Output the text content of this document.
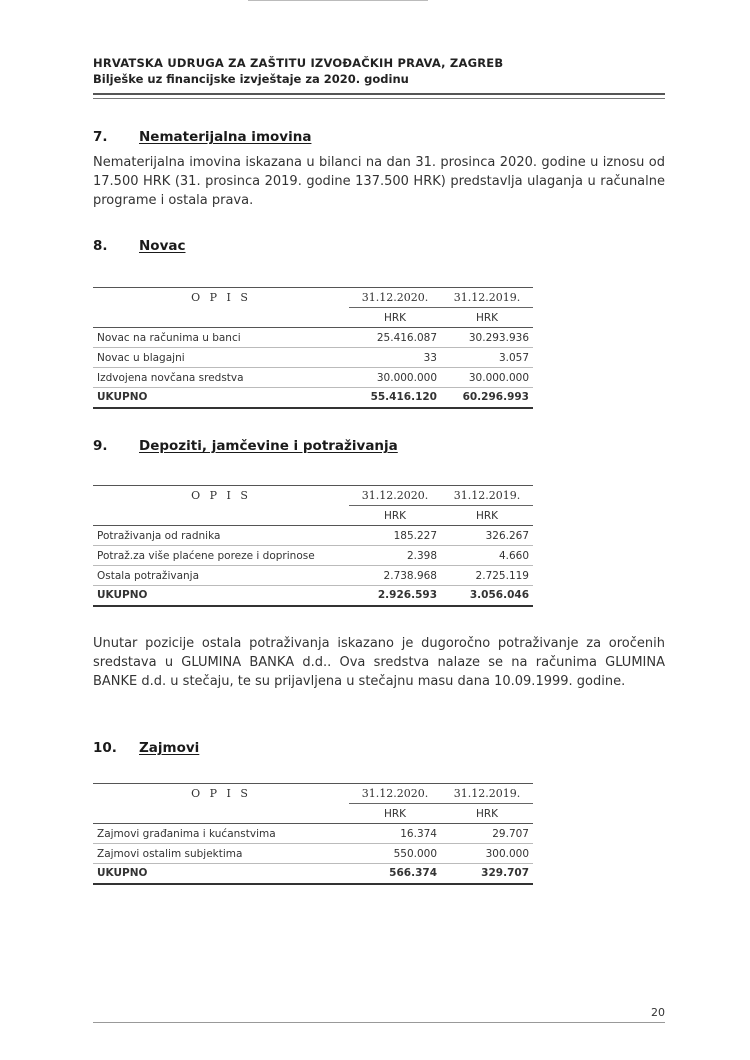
HRVATSKA UDRUGA ZA ZAŠTITU IZVOĐAČKIH PRAVA, ZAGREB
Bilješke uz financijske izvještaje za 2020. godinu
7. Nematerijalna imovina
Nematerijalna imovina iskazana u bilanci na dan 31. prosinca 2020. godine u iznosu od 17.500 HRK (31. prosinca 2019. godine 137.500 HRK) predstavlja ulaganja u računalne programe i ostala prava.
8. Novac
O P I S	31.12.2020.	31.12.2019.
	HRK	HRK
Novac na računima u banci	25.416.087	30.293.936
Novac u blagajni	33	3.057
Izdvojena novčana sredstva	30.000.000	30.000.000
UKUPNO	55.416.120	60.296.993
9. Depoziti, jamčevine i potraživanja
O P I S	31.12.2020.	31.12.2019.
	HRK	HRK
Potraživanja od radnika	185.227	326.267
Potraž.za više plaćene poreze i doprinose	2.398	4.660
Ostala potraživanja	2.738.968	2.725.119
UKUPNO	2.926.593	3.056.046
Unutar pozicije ostala potraživanja iskazano je dugoročno potraživanje za oročenih sredstava u GLUMINA BANKA d.d.. Ova sredstva nalaze se na računima GLUMINA BANKE d.d. u stečaju, te su prijavljena u stečajnu masu dana 10.09.1999. godine.
10. Zajmovi
O P I S	31.12.2020.	31.12.2019.
	HRK	HRK
Zajmovi građanima i kućanstvima	16.374	29.707
Zajmovi ostalim subjektima	550.000	300.000
UKUPNO	566.374	329.707
20
